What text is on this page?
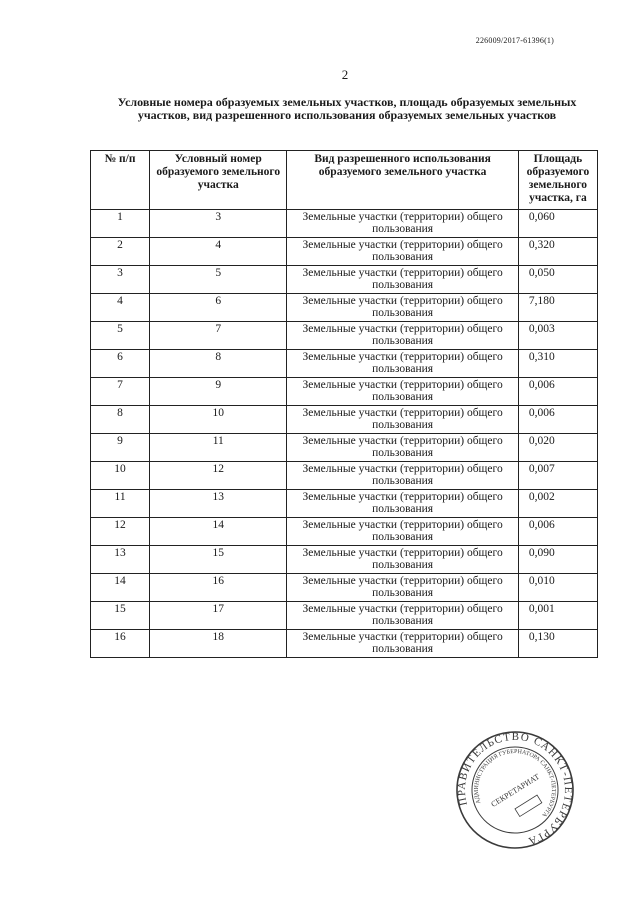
226009/2017-61396(1)
2
Условные номера образуемых земельных участков, площадь образуемых земельных участков, вид разрешенного использования образуемых земельных участков
№ п/п	Условный номер образуемого земельного участка	Вид разрешенного использования образуемого земельного участка	Площадь образуемого земельного участка, га
1	3	Земельные участки (территории) общего пользования	0,060
2	4	Земельные участки (территории) общего пользования	0,320
3	5	Земельные участки (территории) общего пользования	0,050
4	6	Земельные участки (территории) общего пользования	7,180
5	7	Земельные участки (территории) общего пользования	0,003
6	8	Земельные участки (территории) общего пользования	0,310
7	9	Земельные участки (территории) общего пользования	0,006
8	10	Земельные участки (территории) общего пользования	0,006
9	11	Земельные участки (территории) общего пользования	0,020
10	12	Земельные участки (территории) общего пользования	0,007
11	13	Земельные участки (территории) общего пользования	0,002
12	14	Земельные участки (территории) общего пользования	0,006
13	15	Земельные участки (территории) общего пользования	0,090
14	16	Земельные участки (территории) общего пользования	0,010
15	17	Земельные участки (территории) общего пользования	0,001
16	18	Земельные участки (территории) общего пользования	0,130
ПРАВИТЕЛЬСТВО САНКТ-ПЕТЕРБУРГА
АДМИНИСТРАЦИЯ ГУБЕРНАТОРА САНКТ-ПЕТЕРБУРГА
СЕКРЕТАРИАТ
